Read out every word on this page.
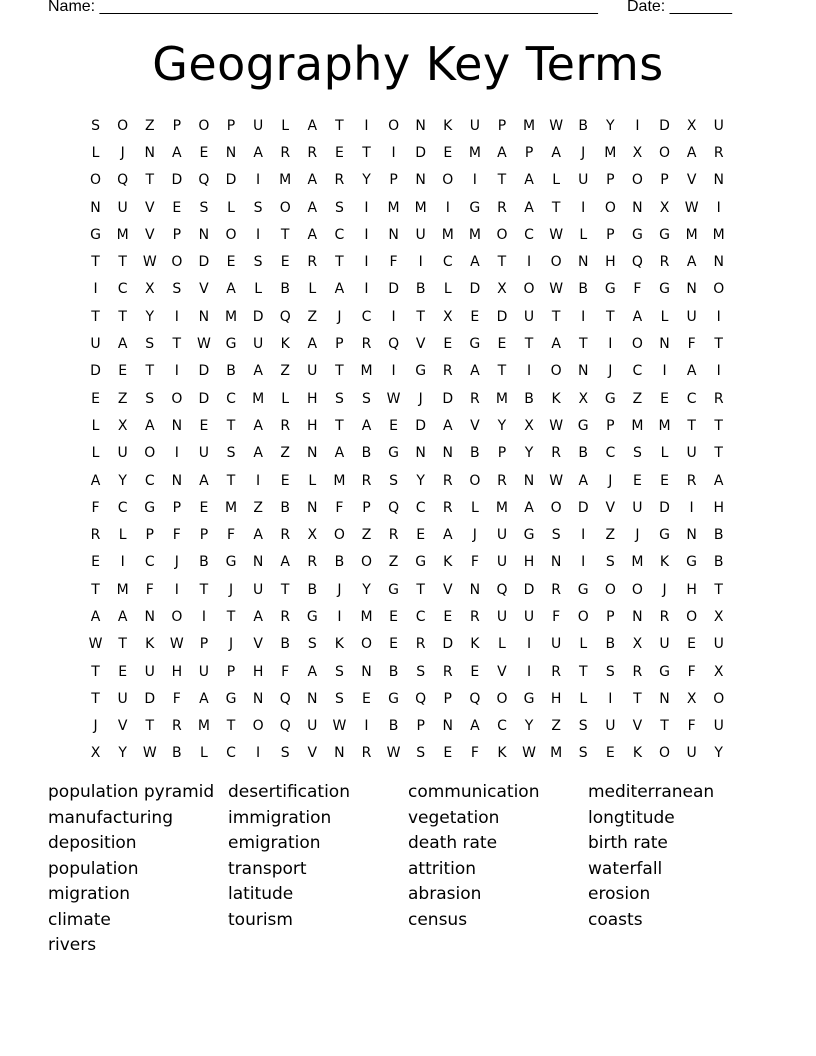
Name: ________________________________________________________ Date: _______
Geography Key Terms
S	O	Z	P	O	P	U	L	A	T	I	O	N	K	U	P	M	W	B	Y	I	D	X	U
L	J	N	A	E	N	A	R	R	E	T	I	D	E	M	A	P	A	J	M	X	O	A	R
O	Q	T	D	Q	D	I	M	A	R	Y	P	N	O	I	T	A	L	U	P	O	P	V	N
N	U	V	E	S	L	S	O	A	S	I	M	M	I	G	R	A	T	I	O	N	X	W	I
G	M	V	P	N	O	I	T	A	C	I	N	U	M	M	O	C	W	L	P	G	G	M	M
T	T	W	O	D	E	S	E	R	T	I	F	I	C	A	T	I	O	N	H	Q	R	A	N
I	C	X	S	V	A	L	B	L	A	I	D	B	L	D	X	O	W	B	G	F	G	N	O
T	T	Y	I	N	M	D	Q	Z	J	C	I	T	X	E	D	U	T	I	T	A	L	U	I
U	A	S	T	W	G	U	K	A	P	R	Q	V	E	G	E	T	A	T	I	O	N	F	T
D	E	T	I	D	B	A	Z	U	T	M	I	G	R	A	T	I	O	N	J	C	I	A	I
E	Z	S	O	D	C	M	L	H	S	S	W	J	D	R	M	B	K	X	G	Z	E	C	R
L	X	A	N	E	T	A	R	H	T	A	E	D	A	V	Y	X	W	G	P	M	M	T	T
L	U	O	I	U	S	A	Z	N	A	B	G	N	N	B	P	Y	R	B	C	S	L	U	T
A	Y	C	N	A	T	I	E	L	M	R	S	Y	R	O	R	N	W	A	J	E	E	R	A
F	C	G	P	E	M	Z	B	N	F	P	Q	C	R	L	M	A	O	D	V	U	D	I	H
R	L	P	F	P	F	A	R	X	O	Z	R	E	A	J	U	G	S	I	Z	J	G	N	B
E	I	C	J	B	G	N	A	R	B	O	Z	G	K	F	U	H	N	I	S	M	K	G	B
T	M	F	I	T	J	U	T	B	J	Y	G	T	V	N	Q	D	R	G	O	O	J	H	T
A	A	N	O	I	T	A	R	G	I	M	E	C	E	R	U	U	F	O	P	N	R	O	X
W	T	K	W	P	J	V	B	S	K	O	E	R	D	K	L	I	U	L	B	X	U	E	U
T	E	U	H	U	P	H	F	A	S	N	B	S	R	E	V	I	R	T	S	R	G	F	X
T	U	D	F	A	G	N	Q	N	S	E	G	Q	P	Q	O	G	H	L	I	T	N	X	O
J	V	T	R	M	T	O	Q	U	W	I	B	P	N	A	C	Y	Z	S	U	V	T	F	U
X	Y	W	B	L	C	I	S	V	N	R	W	S	E	F	K	W	M	S	E	K	O	U	Y
population pyramid
manufacturing
deposition
population
migration
climate
rivers
desertification
immigration
emigration
transport
latitude
tourism
communication
vegetation
death rate
attrition
abrasion
census
mediterranean
longtitude
birth rate
waterfall
erosion
coasts
